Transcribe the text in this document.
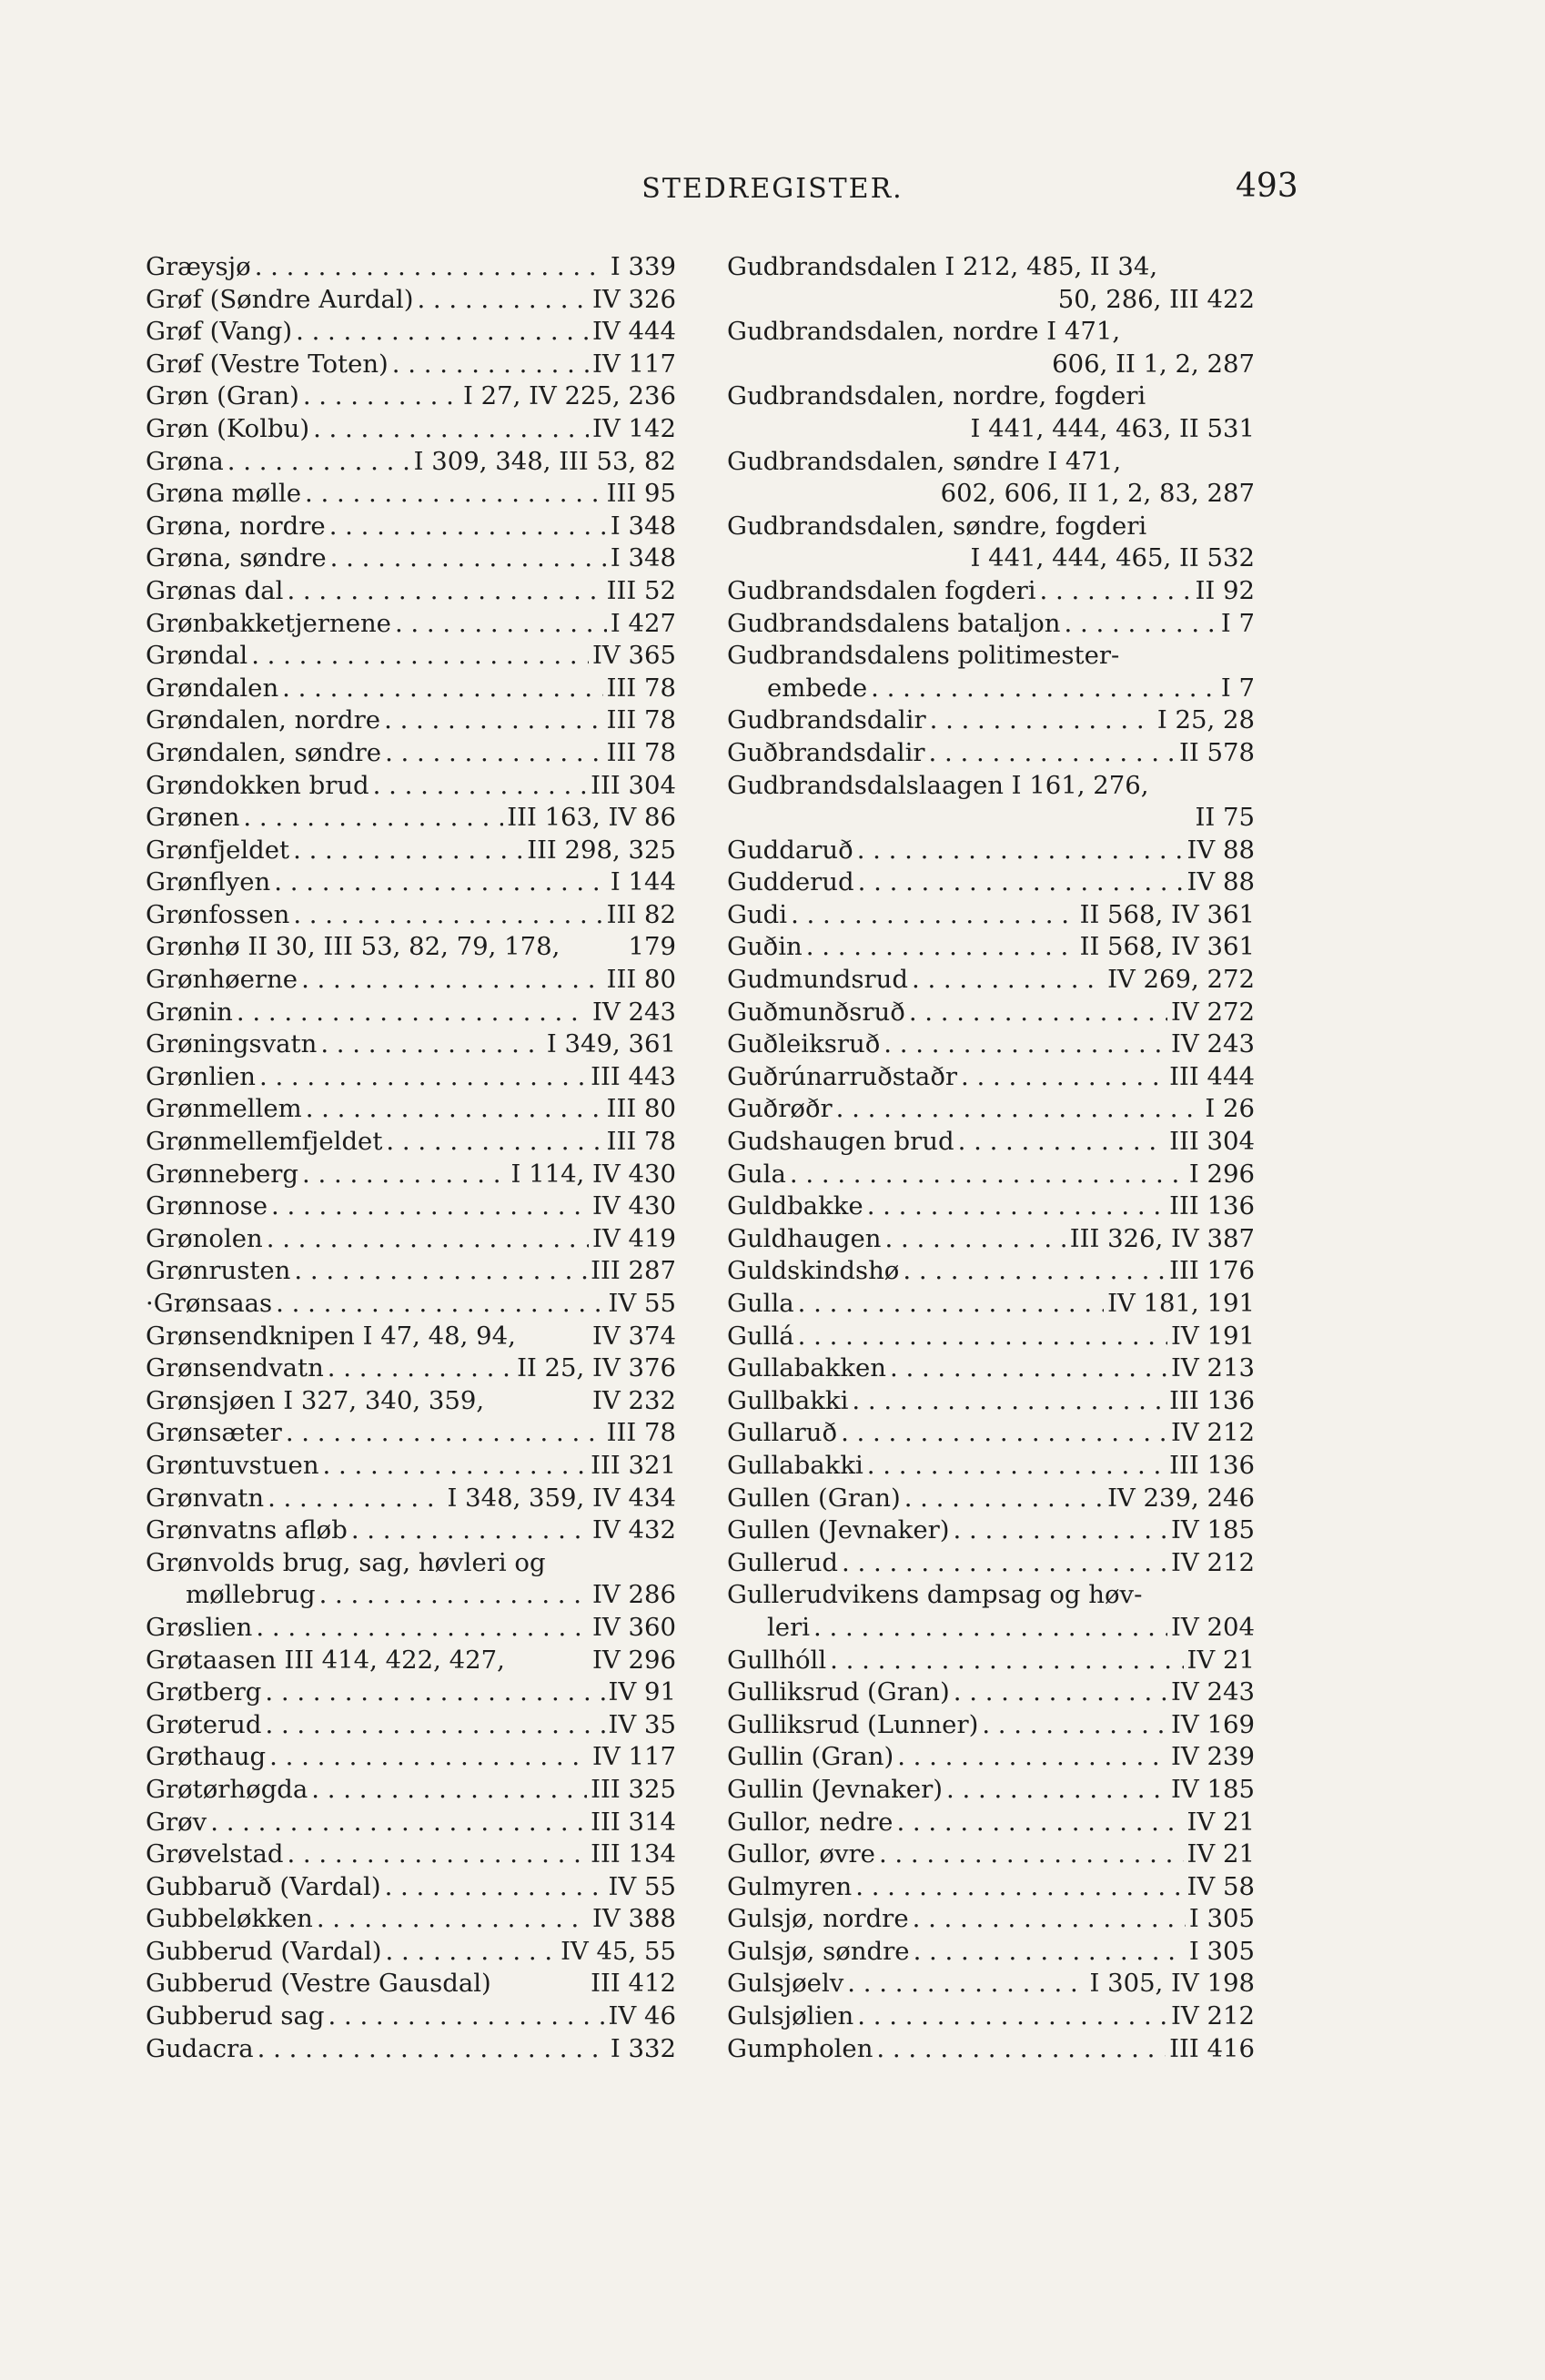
STEDREGISTER.	493
Græysjø . . .	I 339
Grøf (Søndre Aurdal) . . .	IV 326
Grøf (Vang) . . .	IV 444
Grøf (Vestre Toten) . . .	IV 117
Grøn (Gran) . . .	I 27, IV 225, 236
Grøn (Kolbu) . . .	IV 142
Grøna . . .	I 309, 348, III 53, 82
Grøna mølle . . .	III 95
Grøna, nordre . . .	I 348
Grøna, søndre . . .	I 348
Grønas dal . . .	III 52
Grønbakketjernene . . .	I 427
Grøndal . . .	IV 365
Grøndalen . . .	III 78
Grøndalen, nordre . . .	III 78
Grøndalen, søndre . . .	III 78
Grøndokken brud . . .	III 304
Grønen . . .	III 163, IV 86
Grønfjeldet . . .	III 298, 325
Grønflyen . . .	I 144
Grønfossen . . .	III 82
Grønhø II 30, III 53, 82, 79, 178,	179
Grønhøerne . . .	III 80
Grønin . . .	IV 243
Grøningsvatn . . .	I 349, 361
Grønlien . . .	III 443
Grønmellem . . .	III 80
Grønmellemfjeldet . . .	III 78
Grønneberg . . .	I 114, IV 430
Grønnose . . .	IV 430
Grønolen . . .	IV 419
Grønrusten . . .	III 287
·Grønsaas . . .	IV 55
Grønsendknipen I 47, 48, 94,	IV 374
Grønsendvatn . . .	II 25, IV 376
Grønsjøen I 327, 340, 359,	IV 232
Grønsæter . . .	III 78
Grøntuvstuen . . .	III 321
Grønvatn . . .	I 348, 359, IV 434
Grønvatns afløb . . .	IV 432
Grønvolds brug, sag, høvleri og
møllebrug . . .	IV 286
Grøslien . . .	IV 360
Grøtaasen III 414, 422, 427,	IV 296
Grøtberg . . .	IV 91
Grøterud . . .	IV 35
Grøthaug . . .	IV 117
Grøtørhøgda . . .	III 325
Grøv . . .	III 314
Grøvelstad . . .	III 134
Gubbaruð (Vardal) . . .	IV 55
Gubbeløkken . . .	IV 388
Gubberud (Vardal) . . .	IV 45, 55
Gubberud (Vestre Gausdal)	III 412
Gubberud sag . . .	IV 46
Gudacra . . .	I 332
Gudbrandsdalen I 212, 485, II 34,
50, 286, III 422
Gudbrandsdalen, nordre I 471,
606, II 1, 2, 287
Gudbrandsdalen, nordre, fogderi
I 441, 444, 463, II 531
Gudbrandsdalen, søndre I 471,
602, 606, II 1, 2, 83, 287
Gudbrandsdalen, søndre, fogderi
I 441, 444, 465, II 532
Gudbrandsdalen fogderi . . .	II 92
Gudbrandsdalens bataljon . . .	I 7
Gudbrandsdalens politimester-
embede . . .	I 7
Gudbrandsdalir . . .	I 25, 28
Guðbrandsdalir . . .	II 578
Gudbrandsdalslaagen I 161, 276,
II 75
Guddaruð . . .	IV 88
Gudderud . . .	IV 88
Gudi . . .	II 568, IV 361
Guðin . . .	II 568, IV 361
Gudmundsrud . . .	IV 269, 272
Guðmunðsruð . . .	IV 272
Guðleiksruð . . .	IV 243
Guðrúnarruðstaðr . . .	III 444
Guðrøðr . . .	I 26
Gudshaugen brud . . .	III 304
Gula . . .	I 296
Guldbakke . . .	III 136
Guldhaugen . . .	III 326, IV 387
Guldskindshø . . .	III 176
Gulla . . .	IV 181, 191
Gullá . . .	IV 191
Gullabakken . . .	IV 213
Gullbakki . . .	III 136
Gullaruð . . .	IV 212
Gullabakki . . .	III 136
Gullen (Gran) . . .	IV 239, 246
Gullen (Jevnaker) . . .	IV 185
Gullerud . . .	IV 212
Gullerudvikens dampsag og høv-
leri . . .	IV 204
Gullhóll . . .	IV 21
Gulliksrud (Gran) . . .	IV 243
Gulliksrud (Lunner) . . .	IV 169
Gullin (Gran) . . .	IV 239
Gullin (Jevnaker) . . .	IV 185
Gullor, nedre . . .	IV 21
Gullor, øvre . . .	IV 21
Gulmyren . . .	IV 58
Gulsjø, nordre . . .	I 305
Gulsjø, søndre . . .	I 305
Gulsjøelv . . .	I 305, IV 198
Gulsjølien . . .	IV 212
Gumpholen . . .	III 416
